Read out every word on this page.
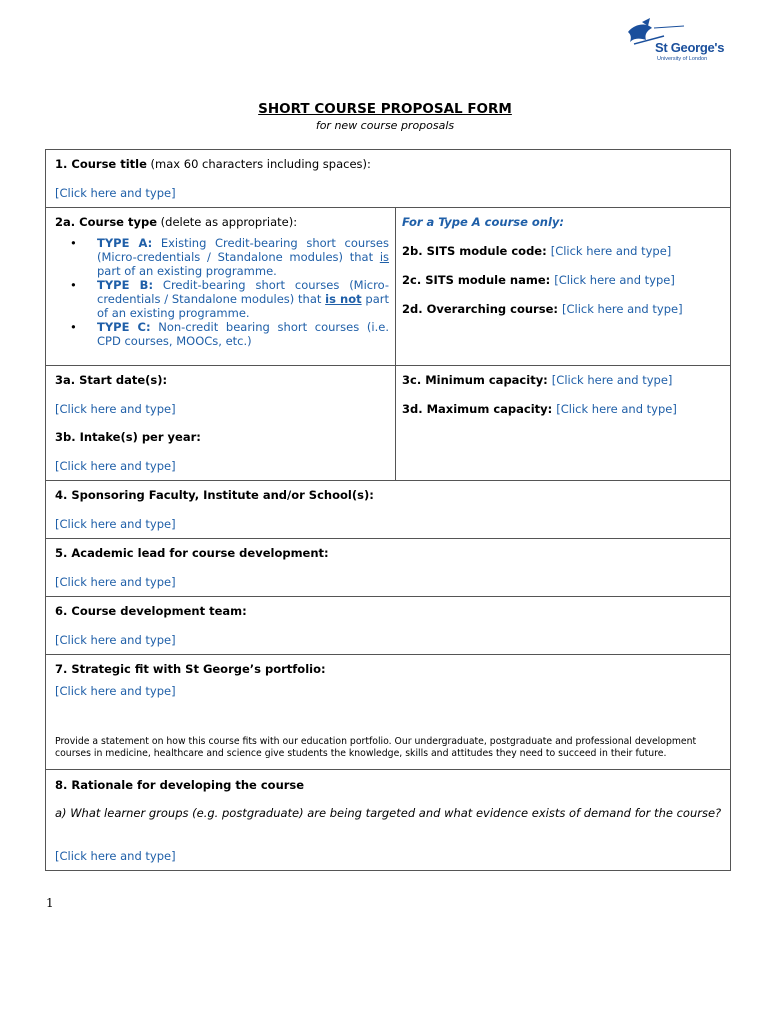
St George's
University of London
SHORT COURSE PROPOSAL FORM
for new course proposals
1. Course title (max 60 characters including spaces):
[Click here and type]
2a. Course type (delete as appropriate):
• TYPE A: Existing Credit-bearing short courses (Micro-credentials / Standalone modules) that is part of an existing programme.
• TYPE B: Credit-bearing short courses (Micro-credentials / Standalone modules) that is not part of an existing programme.
• TYPE C: Non-credit bearing short courses (i.e. CPD courses, MOOCs, etc.)
For a Type A course only:
2b. SITS module code: [Click here and type]
2c. SITS module name: [Click here and type]
2d. Overarching course: [Click here and type]
3a. Start date(s):
[Click here and type]
3b. Intake(s) per year:
[Click here and type]
3c. Minimum capacity: [Click here and type]
3d. Maximum capacity: [Click here and type]
4. Sponsoring Faculty, Institute and/or School(s):
[Click here and type]
5. Academic lead for course development:
[Click here and type]
6. Course development team:
[Click here and type]
7. Strategic fit with St George’s portfolio:
[Click here and type]
Provide a statement on how this course fits with our education portfolio. Our undergraduate, postgraduate and professional development courses in medicine, healthcare and science give students the knowledge, skills and attitudes they need to succeed in their future.
8. Rationale for developing the course
a) What learner groups (e.g. postgraduate) are being targeted and what evidence exists of demand for the course?
[Click here and type]
1
